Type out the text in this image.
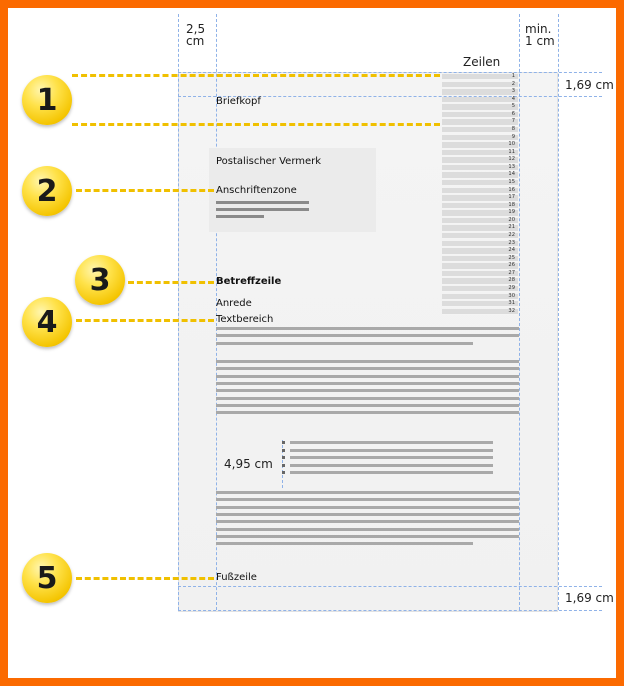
2,5
cm
min.
1 cm
1,69 cm
1,69 cm
4,95 cm
Zeilen
1
2
3
4
5
6
7
8
9
10
11
12
13
14
15
16
17
18
19
20
21
22
23
24
25
26
27
28
29
30
31
32
Briefkopf
Postalischer Vermerk
Anschriftenzone
Betreffzeile
Anrede
Textbereich
Fußzeile
1
2
3
4
5
